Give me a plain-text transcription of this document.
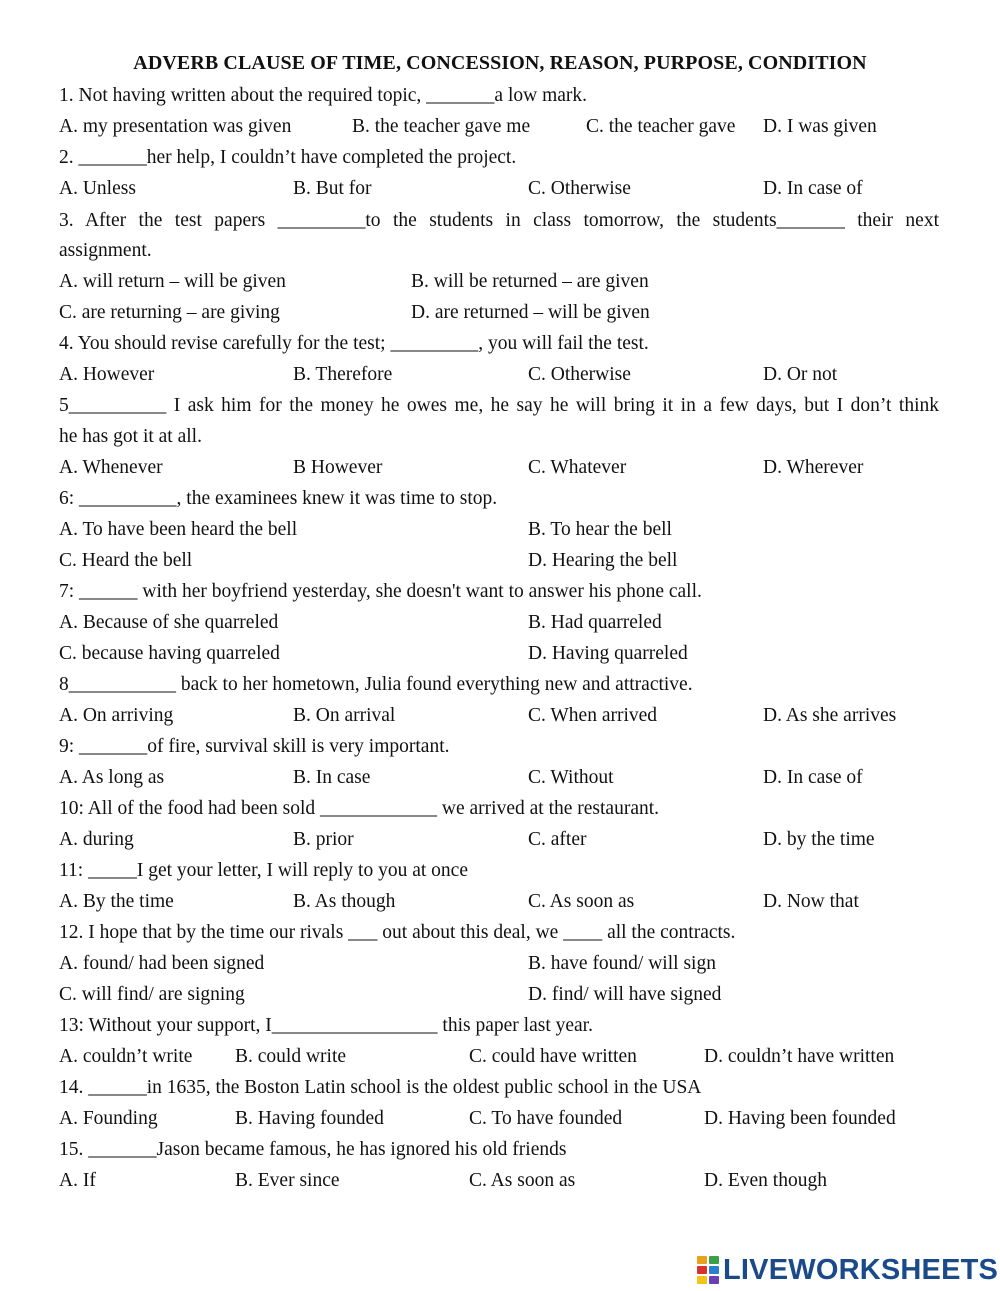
ADVERB CLAUSE OF TIME, CONCESSION, REASON, PURPOSE, CONDITION
1. Not having written about the required topic, _______a low mark.
A. my presentation was given	B. the teacher gave me	C. the teacher gave D. I was given
2. _______her help, I couldn’t have completed the project.
A. Unless	B. But for	C. Otherwise	D. In case of
3. After the test papers _________to the students in class tomorrow, the students_______ their next
assignment.
A. will return – will be given	B. will be returned – are given
C. are returning – are giving	D. are returned – will be given
4. You should revise carefully for the test; _________, you will fail the test.
A. However	B. Therefore	C. Otherwise	D. Or not
5__________ I ask him for the money he owes me, he say he will bring it in a few days, but I don’t think
he has got it at all.
A. Whenever	B However	C. Whatever	D. Wherever
6: __________, the examinees knew it was time to stop.
A. To have been heard the bell	B. To hear the bell
C. Heard the bell	D. Hearing the bell
7: ______ with her boyfriend yesterday, she doesn't want to answer his phone call.
A. Because of she quarreled	B. Had quarreled
C. because having quarreled	D. Having quarreled
8___________ back to her hometown, Julia found everything new and attractive.
A. On arriving	B. On arrival	C. When arrived	D. As she arrives
9: _______of fire, survival skill is very important.
A. As long as	B. In case	C. Without	D. In case of
10: All of the food had been sold ____________ we arrived at the restaurant.
A. during	B. prior	C. after	D. by the time
11: _____I get your letter, I will reply to you at once
A. By the time	B. As though	C. As soon as	D. Now that
12. I hope that by the time our rivals ___ out about this deal, we ____ all the contracts.
A. found/ had been signed	B. have found/ will sign
C. will find/ are signing	D. find/ will have signed
13: Without your support, I_________________ this paper last year.
A. couldn’t write B. could write	C. could have written	D. couldn’t have written
14. ______in 1635, the Boston Latin school is the oldest public school in the USA
A. Founding	B. Having founded	C. To have founded	D. Having been founded
15. _______Jason became famous, he has ignored his old friends
A. If	B. Ever since	C. As soon as	D. Even though
LIVEWORKSHEETS
